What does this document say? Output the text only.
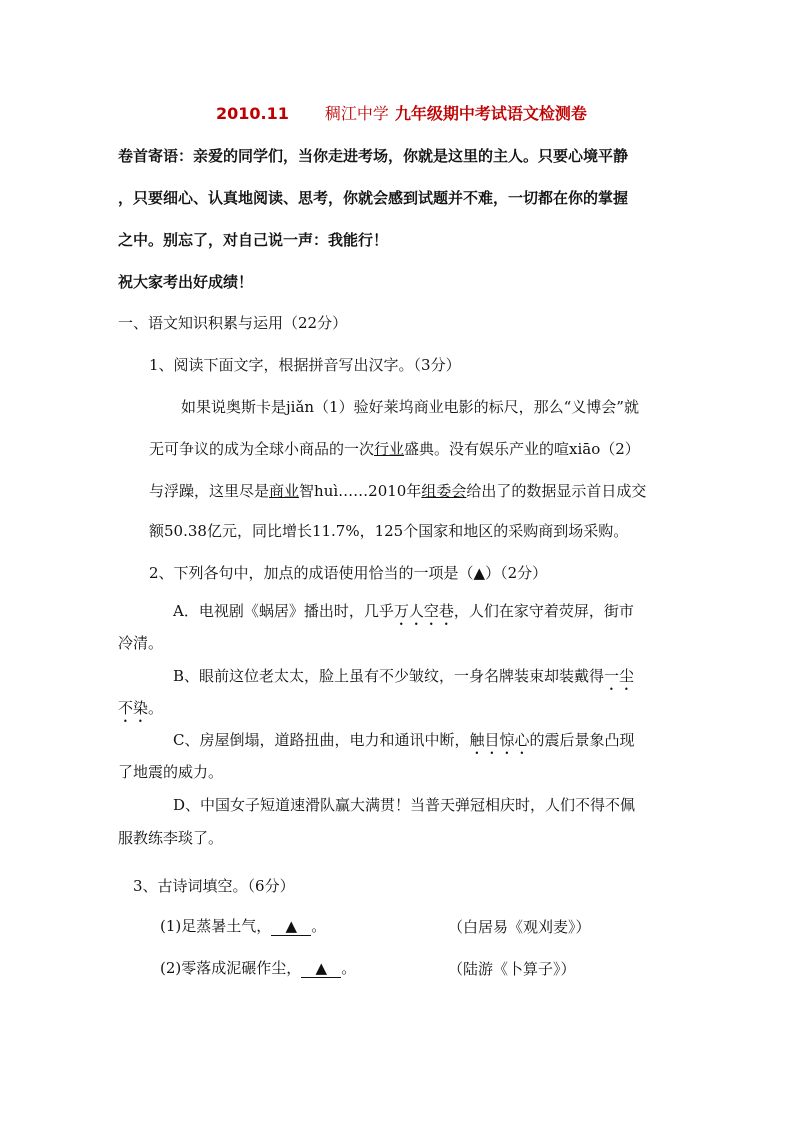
2010.11 稠江中学 九年级期中考试语文检测卷
卷首寄语：亲爱的同学们，当你走进考场，你就是这里的主人。只要心境平静
，只要细心、认真地阅读、思考，你就会感到试题并不难，一切都在你的掌握
之中。别忘了，对自己说一声：我能行！
祝大家考出好成绩！
一、语文知识积累与运用（22分）
1、阅读下面文字，根据拼音写出汉字。（3分）
如果说奥斯卡是jiǎn（1）验好莱坞商业电影的标尺，那么“义博会”就
无可争议的成为全球小商品的一次行业盛典。没有娱乐产业的喧xiāo（2）
与浮躁，这里尽是商业智huì……2010年组委会给出了的数据显示首日成交
额50.38亿元，同比增长11.7%，125个国家和地区的采购商到场采购。
2、下列各句中，加点的成语使用恰当的一项是（▲）（2分）
A．电视剧《蜗居》播出时，几乎万人空巷，人们在家守着荧屏，街市
冷清。
B、眼前这位老太太，脸上虽有不少皱纹，一身名牌装束却装戴得一尘
不染。
C、房屋倒塌，道路扭曲，电力和通讯中断，触目惊心的震后景象凸现
了地震的威力。
D、中国女子短道速滑队赢大满贯！当普天弹冠相庆时，人们不得不佩
服教练李琰了。
3、古诗词填空。（6分）
(1)足蒸暑土气， ▲ 。	（白居易《观刈麦》）
(2)零落成泥碾作尘， ▲ 。	（陆游《卜算子》）
